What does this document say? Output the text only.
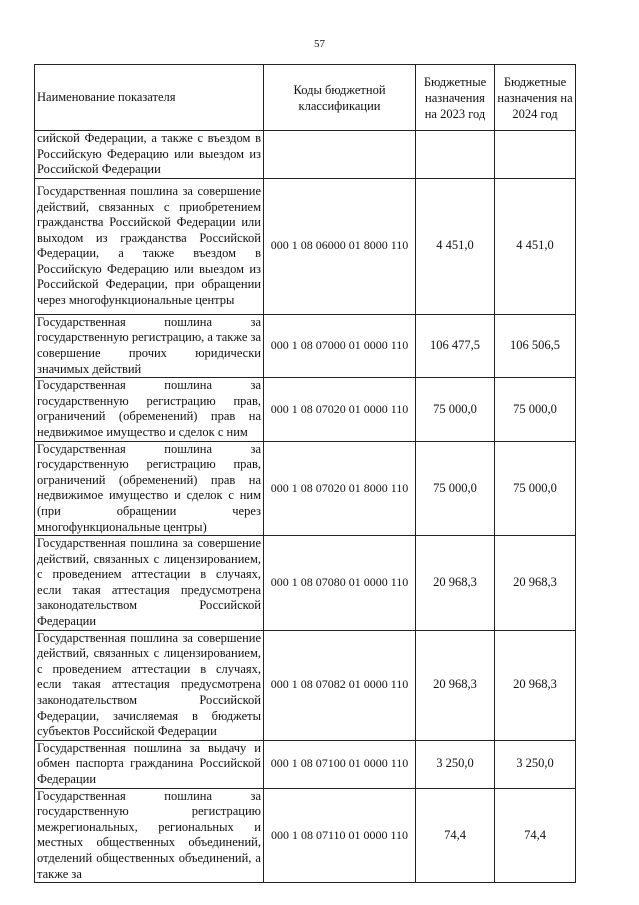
57
Наименование показателя	Коды бюджетной классификации	Бюджетные назначения на 2023 год	Бюджетные назначения на 2024 год
сийской Федерации, а также с въездом в Российскую Федерацию или выездом из Российской Федерации			
Государственная пошлина за совершение действий, связанных с приобретением гражданства Российской Федерации или выходом из гражданства Российской Федерации, а также въездом в Российскую Федерацию или выездом из Российской Федерации, при обращении через многофункциональные центры	000 1 08 06000 01 8000 110	4 451,0	4 451,0
Государственная пошлина за государственную регистрацию, а также за совершение прочих юридически значимых действий	000 1 08 07000 01 0000 110	106 477,5	106 506,5
Государственная пошлина за государственную регистрацию прав, ограничений (обременений) прав на недвижимое имущество и сделок с ним	000 1 08 07020 01 0000 110	75 000,0	75 000,0
Государственная пошлина за государственную регистрацию прав, ограничений (обременений) прав на недвижимое имущество и сделок с ним (при обращении через многофункциональные центры)	000 1 08 07020 01 8000 110	75 000,0	75 000,0
Государственная пошлина за совершение действий, связанных с лицензированием, с проведением аттестации в случаях, если такая аттестация предусмотрена законодательством Российской Федерации	000 1 08 07080 01 0000 110	20 968,3	20 968,3
Государственная пошлина за совершение действий, связанных с лицензированием, с проведением аттестации в случаях, если такая аттестация предусмотрена законодательством Российской Федерации, зачисляемая в бюджеты субъектов Российской Федерации	000 1 08 07082 01 0000 110	20 968,3	20 968,3
Государственная пошлина за выдачу и обмен паспорта гражданина Российской Федерации	000 1 08 07100 01 0000 110	3 250,0	3 250,0
Государственная пошлина за государственную регистрацию межрегиональных, региональных и местных общественных объединений, отделений общественных объединений, а также за	000 1 08 07110 01 0000 110	74,4	74,4
